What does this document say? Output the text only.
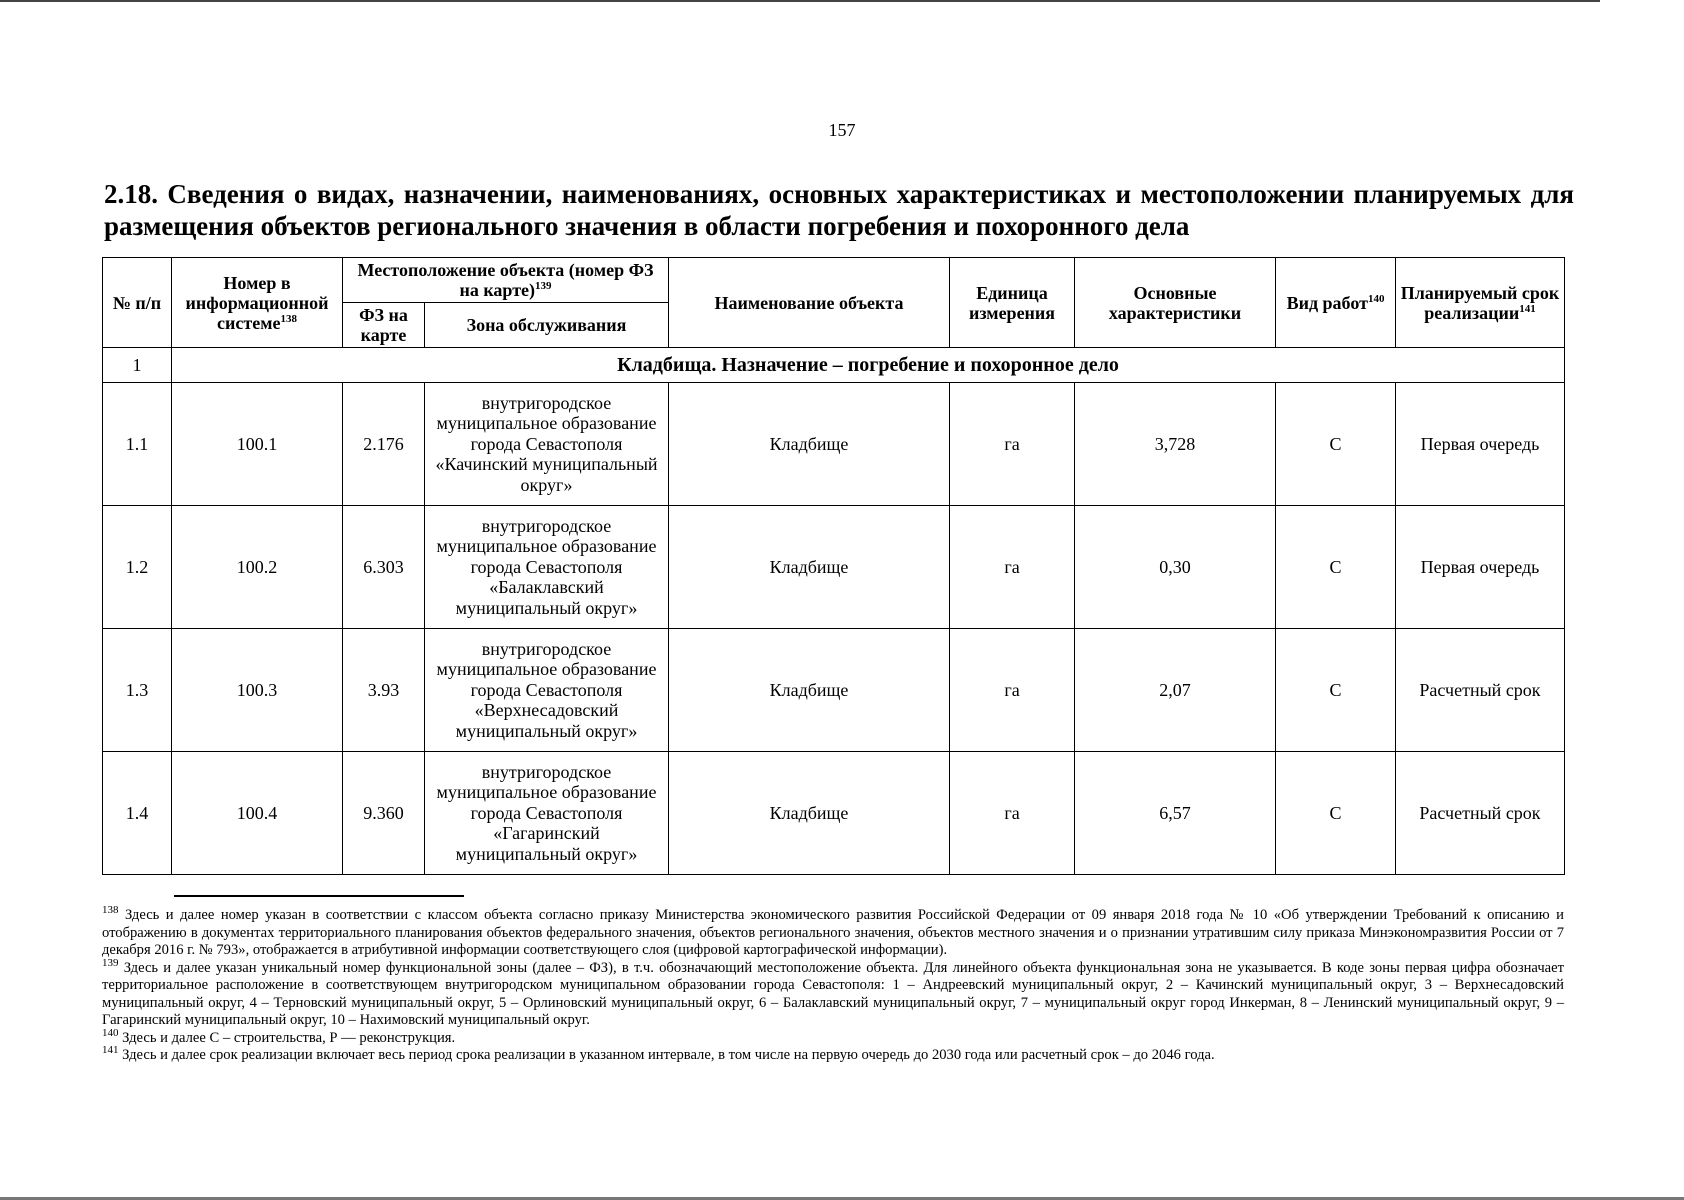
157
2.18. Сведения о видах, назначении, наименованиях, основных характеристиках и местоположении планируемых для размещения объектов регионального значения в области погребения и похоронного дела
№ п/п	Номер в информационной системе$^{138}$	Местоположение объекта (номер ФЗ на карте)$^{139}$		Наименование объекта	Единица измерения	Основные характеристики	Вид работ$^{140}$	Планируемый срок реализации$^{141}$
		ФЗ на карте	Зона обслуживания					
1	Кладбища. Назначение – погребение и похоронное дело							
1.1	100.1	2.176	внутригородское муниципальное образование города Севастополя «Качинский муниципальный округ»	Кладбище	га	3,728	С	Первая очередь
1.2	100.2	6.303	внутригородское муниципальное образование города Севастополя «Балаклавский муниципальный округ»	Кладбище	га	0,30	С	Первая очередь
1.3	100.3	3.93	внутригородское муниципальное образование города Севастополя «Верхнесадовский муниципальный округ»	Кладбище	га	2,07	С	Расчетный срок
1.4	100.4	9.360	внутригородское муниципальное образование города Севастополя «Гагаринский муниципальный округ»	Кладбище	га	6,57	С	Расчетный срок

$^{138}$ Здесь и далее номер указан в соответствии с классом объекта согласно приказу Министерства экономического развития Российской Федерации от 09 января 2018 года № 10 «Об утверждении Требований к описанию и отображению в документах территориального планирования объектов федерального значения, объектов регионального значения, объектов местного значения и о признании утратившим силу приказа Минэкономразвития России от 7 декабря 2016 г. № 793», отображается в атрибутивной информации соответствующего слоя (цифровой картографической информации).

$^{139}$ Здесь и далее указан уникальный номер функциональной зоны (далее – ФЗ), в т.ч. обозначающий местоположение объекта. Для линейного объекта функциональная зона не указывается. В коде зоны первая цифра обозначает территориальное расположение в соответствующем внутригородском муниципальном образовании города Севастополя: 1 – Андреевский муниципальный округ, 2 – Качинский муниципальный округ, 3 – Верхнесадовский муниципальный округ, 4 – Терновский муниципальный округ, 5 – Орлиновский муниципальный округ, 6 – Балаклавский муниципальный округ, 7 – муниципальный округ город Инкерман, 8 – Ленинский муниципальный округ, 9 – Гагаринский муниципальный округ, 10 – Нахимовский муниципальный округ.

$^{140}$ Здесь и далее С – строительства, Р — реконструкция.

$^{141}$ Здесь и далее срок реализации включает весь период срока реализации в указанном интервале, в том числе на первую очередь до 2030 года или расчетный срок – до 2046 года.
